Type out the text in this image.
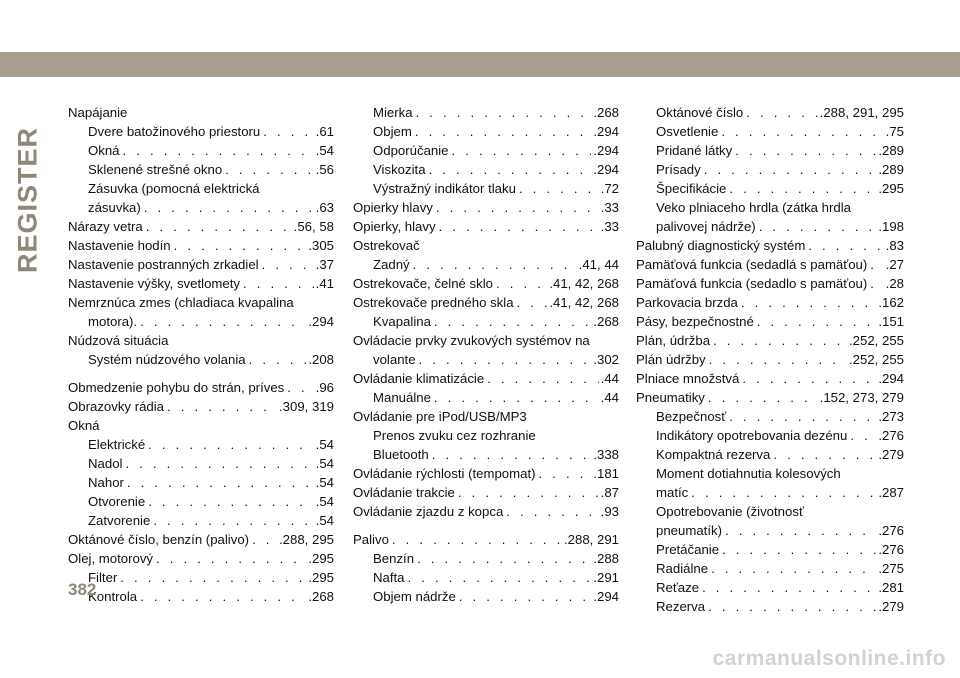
REGISTER
Napájanie
Dvere batožinového priestoru . . .	.61
Okná . . .	.54
Sklenené strešné okno . . .	.56
Zásuvka (pomocná elektrická
zásuvka) . . .	.63
Nárazy vetra . . .	.56, 58
Nastavenie hodín . . .	.305
Nastavenie postranných zrkadiel . . .	.37
Nastavenie výšky, svetlomety . . .	.41
Nemrznúca zmes (chladiaca kvapalina
motora). . . .	.294
Núdzová situácia
Systém núdzového volania . . .	.208
Obmedzenie pohybu do strán, príves . . . .96
Obrazovky rádia . . .	.309, 319
Okná
Elektrické . . .	.54
Nadol . . .	.54
Nahor . . .	.54
Otvorenie . . .	.54
Zatvorenie . . .	.54
Oktánové číslo, benzín (palivo) . . . .288, 295
Olej, motorový . . .	.295
Filter . . .	.295
Kontrola . . .	.268
Mierka . . .	.268
Objem . . .	.294
Odporúčanie . . .	.294
Viskozita . . .	.294
Výstražný indikátor tlaku . . .	.72
Opierky hlavy . . .	.33
Opierky, hlavy . . .	.33
Ostrekovač
Zadný . . .	.41, 44
Ostrekovače, čelné sklo . . .	.41, 42, 268
Ostrekovače predného skla . . .	.41, 42, 268
Kvapalina . . .	.268
Ovládacie prvky zvukových systémov na
volante . . .	.302
Ovládanie klimatizácie . . .	.44
Manuálne . . .	.44
Ovládanie pre iPod/USB/MP3
Prenos zvuku cez rozhranie
Bluetooth . . .	.338
Ovládanie rýchlosti (tempomat) . . .	.181
Ovládanie trakcie . . .	.87
Ovládanie zjazdu z kopca . . .	.93
Palivo . . .	.288, 291
Benzín . . .	.288
Nafta . . .	.291
Objem nádrže . . .	.294
Oktánové číslo . . .	.288, 291, 295
Osvetlenie . . .	.75
Pridané látky . . .	.289
Prísady . . .	.289
Špecifikácie . . .	.295
Veko plniaceho hrdla (zátka hrdla
palivovej nádrže) . . .	.198
Palubný diagnostický systém . . .	.83
Pamäťová funkcia (sedadlá s pamäťou) . . . .27
Pamäťová funkcia (sedadlo s pamäťou) . . . .28
Parkovacia brzda . . .	.162
Pásy, bezpečnostné . . .	.151
Plán, údržba . . .	.252, 255
Plán údržby . . .	.252, 255
Plniace množstvá . . .	.294
Pneumatiky . . .	.152, 273, 279
Bezpečnosť . . .	.273
Indikátory opotrebovania dezénu . . . .276
Kompaktná rezerva . . .	.279
Moment dotiahnutia kolesových
matíc . . .	.287
Opotrebovanie (životnosť
pneumatík) . . .	.276
Pretáčanie . . .	.276
Radiálne . . .	.275
Reťaze . . .	.281
Rezerva . . .	.279
382
carmanualsonline.info
